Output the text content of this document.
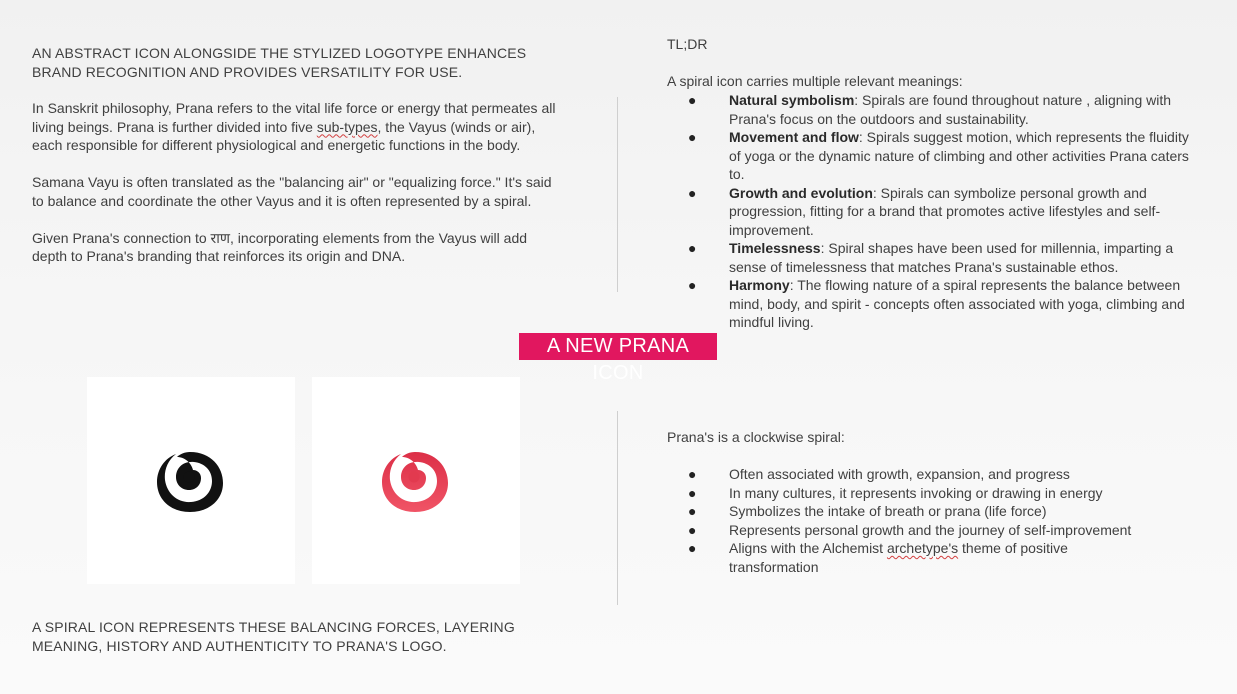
AN ABSTRACT ICON ALONGSIDE THE STYLIZED LOGOTYPE ENHANCES BRAND RECOGNITION AND PROVIDES VERSATILITY FOR USE.

In Sanskrit philosophy, Prana refers to the vital life force or energy that permeates all living beings. Prana is further divided into five sub-types, the Vayus (winds or air), each responsible for different physiological and energetic functions in the body.

Samana Vayu is often translated as the "balancing air" or "equalizing force." It's said to balance and coordinate the other Vayus and it is often represented by a spiral.

Given Prana's connection to राण, incorporating elements from the Vayus will add depth to Prana's branding that reinforces its origin and DNA.

TL;DR
A spiral icon carries multiple relevant meanings:
● Natural symbolism: Spirals are found throughout nature , aligning with Prana's focus on the outdoors and sustainability.
● Movement and flow: Spirals suggest motion, which represents the fluidity of yoga or the dynamic nature of climbing and other activities Prana caters to.
● Growth and evolution: Spirals can symbolize personal growth and progression, fitting for a brand that promotes active lifestyles and self-improvement.
● Timelessness: Spiral shapes have been used for millennia, imparting a sense of timelessness that matches Prana's sustainable ethos.
● Harmony: The flowing nature of a spiral represents the balance between mind, body, and spirit - concepts often associated with yoga, climbing and mindful living.
A NEW PRANA ICON
Prana's is a clockwise spiral:
● Often associated with growth, expansion, and progress
● In many cultures, it represents invoking or drawing in energy
● Symbolizes the intake of breath or prana (life force)
● Represents personal growth and the journey of self-improvement
● Aligns with the Alchemist archetype's theme of positive transformation
A SPIRAL ICON REPRESENTS THESE BALANCING FORCES, LAYERING MEANING, HISTORY AND AUTHENTICITY TO PRANA'S LOGO.
